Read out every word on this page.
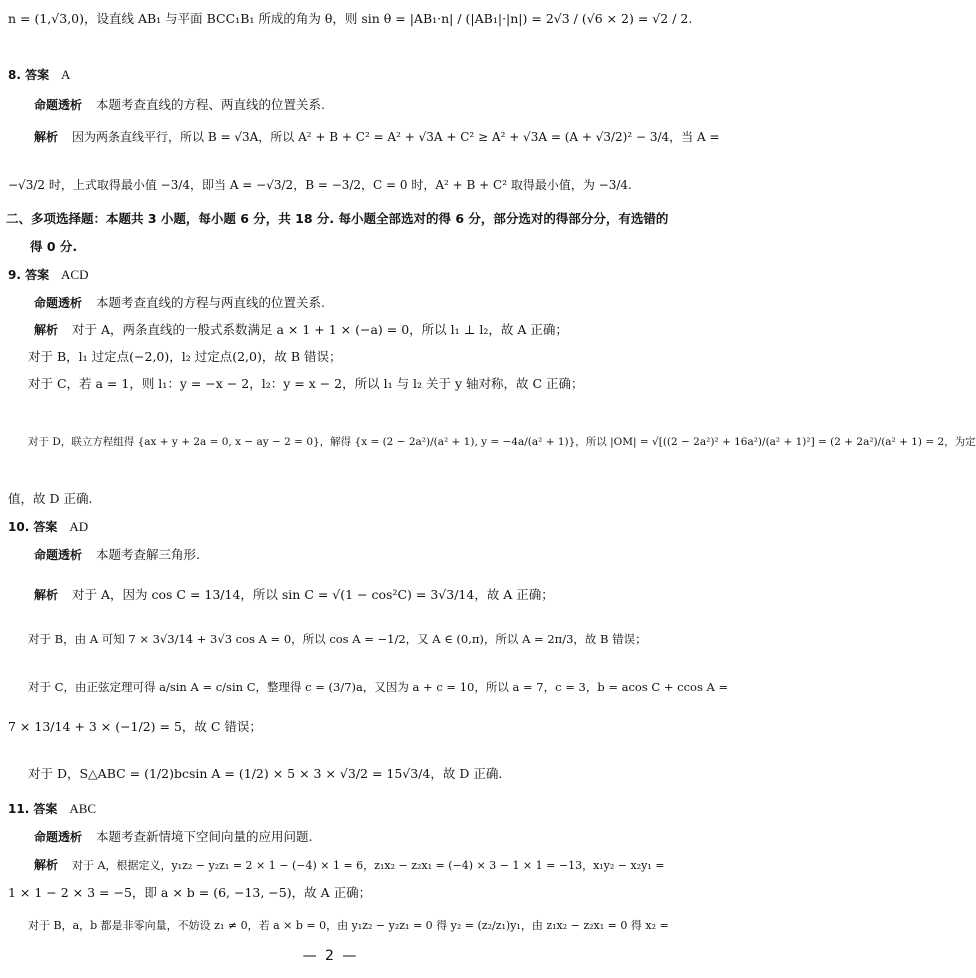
n = (1,√3,0)，设直线 AB₁ 与平面 BCC₁B₁ 所成的角为 θ，则 sin θ = |AB₁·n| / (|AB₁|·|n|) = 2√3 / (√6 × 2) = √2 / 2.
8. 答案 A
命题透析 本题考查直线的方程、两直线的位置关系.
解析 因为两条直线平行，所以 B = √3A，所以 A² + B + C² = A² + √3A + C² ≥ A² + √3A = (A + √3/2)² − 3/4，当 A =
−√3/2 时，上式取得最小值 −3/4，即当 A = −√3/2，B = −3/2，C = 0 时，A² + B + C² 取得最小值，为 −3/4.
二、多项选择题：本题共 3 小题，每小题 6 分，共 18 分. 每小题全部选对的得 6 分，部分选对的得部分分，有选错的
得 0 分.
9. 答案 ACD
命题透析 本题考查直线的方程与两直线的位置关系.
解析 对于 A，两条直线的一般式系数满足 a × 1 + 1 × (−a) = 0，所以 l₁ ⊥ l₂，故 A 正确；
对于 B，l₁ 过定点(−2,0)，l₂ 过定点(2,0)，故 B 错误；
对于 C，若 a = 1，则 l₁：y = −x − 2，l₂：y = x − 2，所以 l₁ 与 l₂ 关于 y 轴对称，故 C 正确；
对于 D，联立方程组得 {ax + y + 2a = 0, x − ay − 2 = 0}，解得 {x = (2 − 2a²)/(a² + 1), y = −4a/(a² + 1)}，所以 |OM| = √[((2 − 2a²)² + 16a²)/(a² + 1)²] = (2 + 2a²)/(a² + 1) = 2，为定
值，故 D 正确.
10. 答案 AD
命题透析 本题考查解三角形.
解析 对于 A，因为 cos C = 13/14，所以 sin C = √(1 − cos²C) = 3√3/14，故 A 正确；
对于 B，由 A 可知 7 × 3√3/14 + 3√3 cos A = 0，所以 cos A = −1/2，又 A ∈ (0,π)，所以 A = 2π/3，故 B 错误；
对于 C，由正弦定理可得 a/sin A = c/sin C，整理得 c = (3/7)a，又因为 a + c = 10，所以 a = 7，c = 3，b = acos C + ccos A =
7 × 13/14 + 3 × (−1/2) = 5，故 C 错误；
对于 D，S△ABC = (1/2)bcsin A = (1/2) × 5 × 3 × √3/2 = 15√3/4，故 D 正确.
11. 答案 ABC
命题透析 本题考查新情境下空间向量的应用问题.
解析 对于 A，根据定义，y₁z₂ − y₂z₁ = 2 × 1 − (−4) × 1 = 6，z₁x₂ − z₂x₁ = (−4) × 3 − 1 × 1 = −13，x₁y₂ − x₂y₁ =
1 × 1 − 2 × 3 = −5，即 a × b = (6, −13, −5)，故 A 正确；
对于 B，a，b 都是非零向量，不妨设 z₁ ≠ 0，若 a × b = 0，由 y₁z₂ − y₂z₁ = 0 得 y₂ = (z₂/z₁)y₁，由 z₁x₂ − z₂x₁ = 0 得 x₂ =
— 2 —
